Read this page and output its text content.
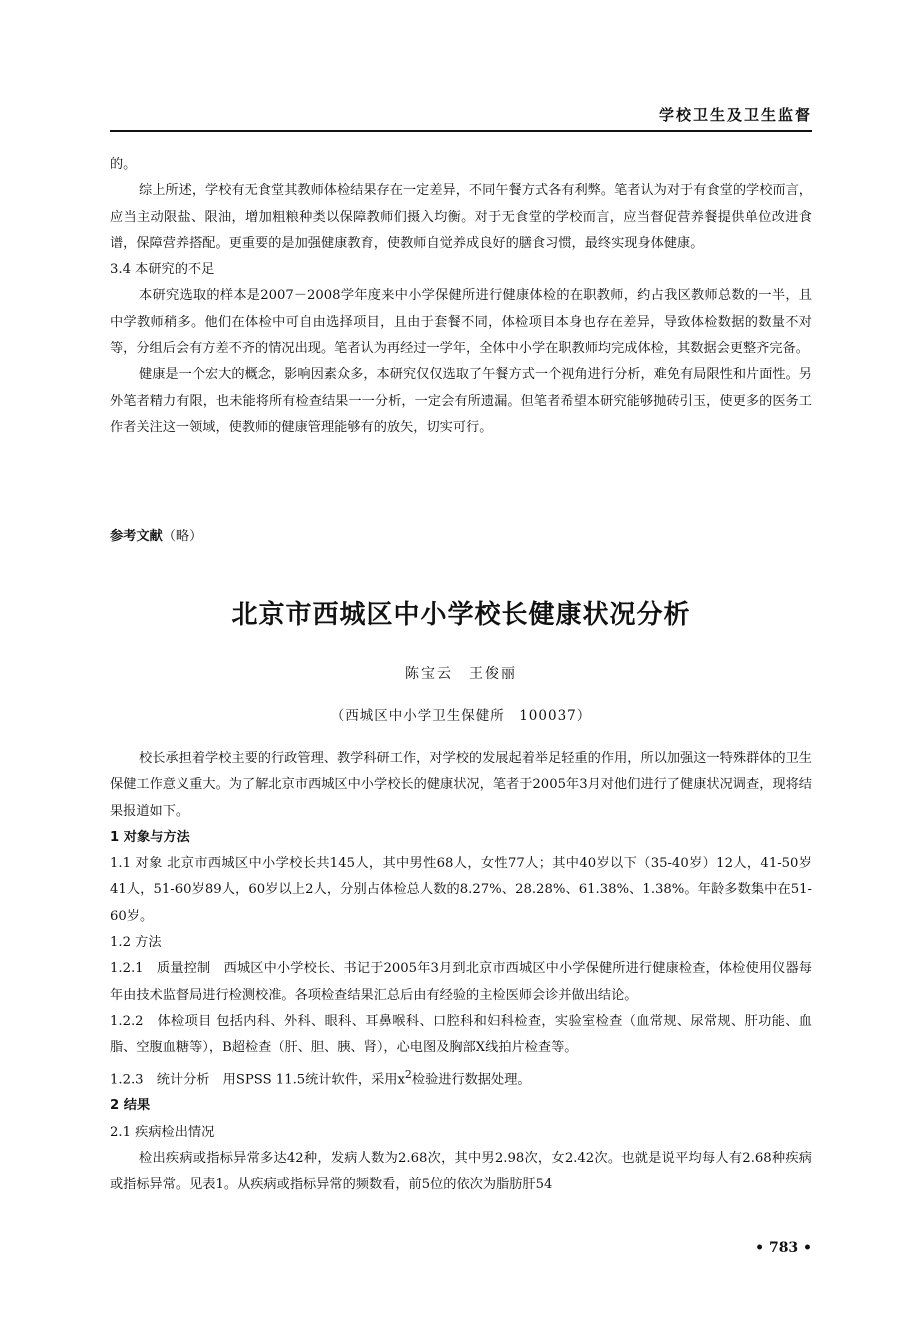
学校卫生及卫生监督

的。

综上所述，学校有无食堂其教师体检结果存在一定差异，不同午餐方式各有利弊。笔者认为对于有食堂的学校而言，应当主动限盐、限油，增加粗粮种类以保障教师们摄入均衡。对于无食堂的学校而言，应当督促营养餐提供单位改进食谱，保障营养搭配。更重要的是加强健康教育，使教师自觉养成良好的膳食习惯，最终实现身体健康。

3.4 本研究的不足

本研究选取的样本是2007－2008学年度来中小学保健所进行健康体检的在职教师，约占我区教师总数的一半，且中学教师稍多。他们在体检中可自由选择项目，且由于套餐不同，体检项目本身也存在差异，导致体检数据的数量不对等，分组后会有方差不齐的情况出现。笔者认为再经过一学年，全体中小学在职教师均完成体检，其数据会更整齐完备。

健康是一个宏大的概念，影响因素众多，本研究仅仅选取了午餐方式一个视角进行分析，难免有局限性和片面性。另外笔者精力有限，也未能将所有检查结果一一分析，一定会有所遗漏。但笔者希望本研究能够抛砖引玉，使更多的医务工作者关注这一领域，使教师的健康管理能够有的放矢，切实可行。

参考文献（略）

北京市西城区中小学校长健康状况分析
陈宝云　王俊丽
（西城区中小学卫生保健所　100037）

校长承担着学校主要的行政管理、教学科研工作，对学校的发展起着举足轻重的作用，所以加强这一特殊群体的卫生保健工作意义重大。为了解北京市西城区中小学校长的健康状况，笔者于2005年3月对他们进行了健康状况调查，现将结果报道如下。

1 对象与方法

1.1 对象 北京市西城区中小学校长共145人，其中男性68人，女性77人；其中40岁以下（35-40岁）12人，41-50岁41人，51-60岁89人，60岁以上2人，分别占体检总人数的8.27%、28.28%、61.38%、1.38%。年龄多数集中在51-60岁。

1.2 方法

1.2.1　质量控制　西城区中小学校长、书记于2005年3月到北京市西城区中小学保健所进行健康检查，体检使用仪器每年由技术监督局进行检测校准。各项检查结果汇总后由有经验的主检医师会诊并做出结论。

1.2.2　体检项目 包括内科、外科、眼科、耳鼻喉科、口腔科和妇科检查，实验室检查（血常规、尿常规、肝功能、血脂、空腹血糖等），B超检查（肝、胆、胰、肾），心电图及胸部X线拍片检查等。

1.2.3　统计分析　用SPSS 11.5统计软件，采用$x^2$检验进行数据处理。

2 结果

2.1 疾病检出情况

检出疾病或指标异常多达42种，发病人数为2.68次，其中男2.98次，女2.42次。也就是说平均每人有2.68种疾病或指标异常。见表1。从疾病或指标异常的频数看，前5位的依次为脂肪肝54

• 783 •
